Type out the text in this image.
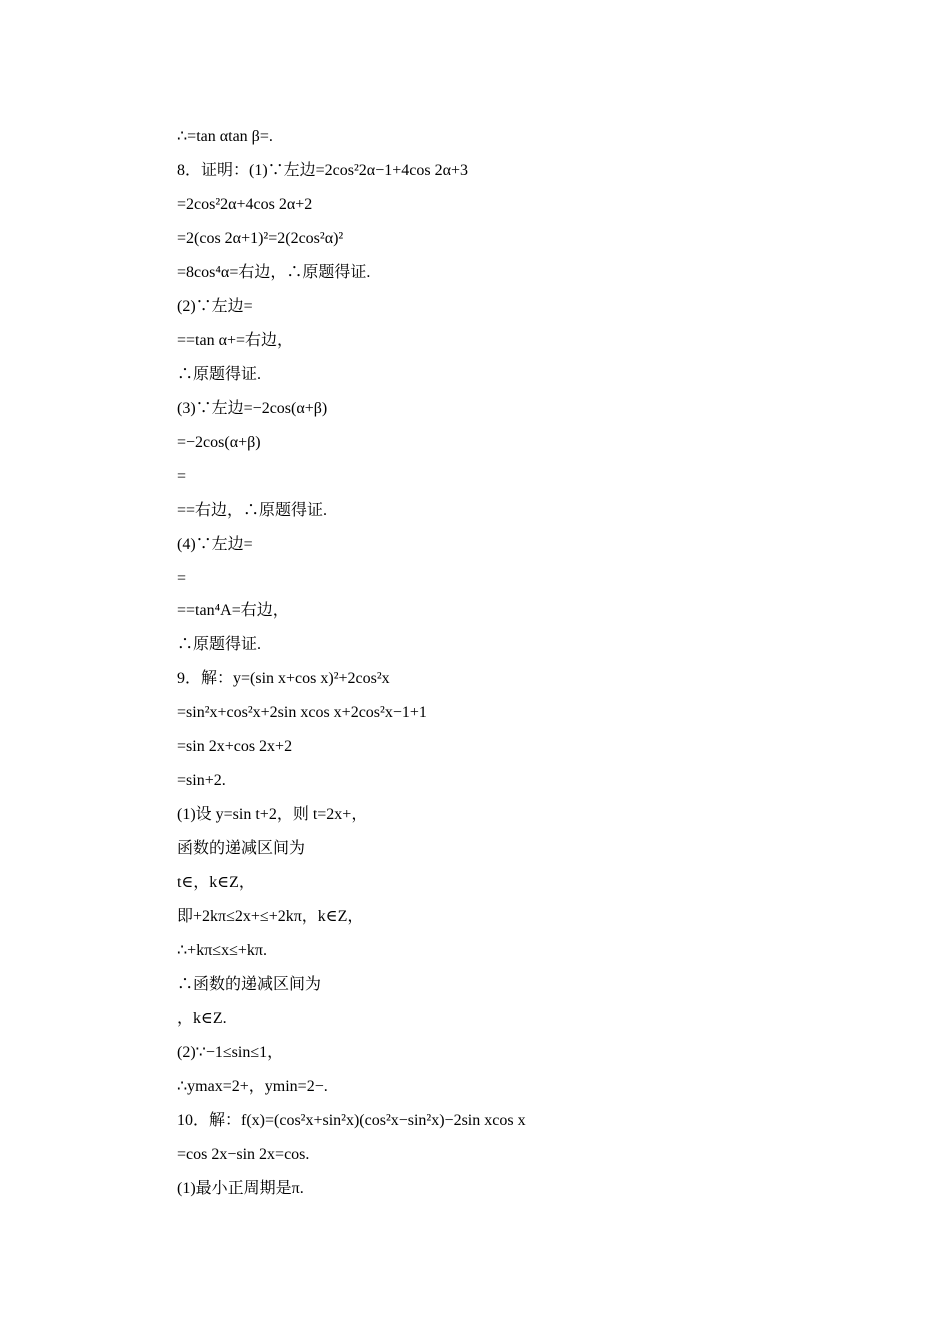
∴=tan αtan β=.
8．证明：(1)∵左边=2cos²2α−1+4cos 2α+3
=2cos²2α+4cos 2α+2
=2(cos 2α+1)²=2(2cos²α)²
=8cos⁴α=右边，∴原题得证.
(2)∵左边=
==tan α+=右边，
∴原题得证.
(3)∵左边=−2cos(α+β)
=−2cos(α+β)
=
==右边，∴原题得证.
(4)∵左边=
=
==tan⁴A=右边，
∴原题得证.
9．解：y=(sin x+cos x)²+2cos²x
=sin²x+cos²x+2sin xcos x+2cos²x−1+1
=sin 2x+cos 2x+2
=sin+2.
(1)设 y=sin t+2，则 t=2x+，
函数的递减区间为
t∈，k∈Z，
即+2kπ≤2x+≤+2kπ，k∈Z，
∴+kπ≤x≤+kπ.
∴函数的递减区间为
，k∈Z.
(2)∵−1≤sin≤1，
∴ymax=2+，ymin=2−.
10．解：f(x)=(cos²x+sin²x)(cos²x−sin²x)−2sin xcos x
=cos 2x−sin 2x=cos.
(1)最小正周期是π.
